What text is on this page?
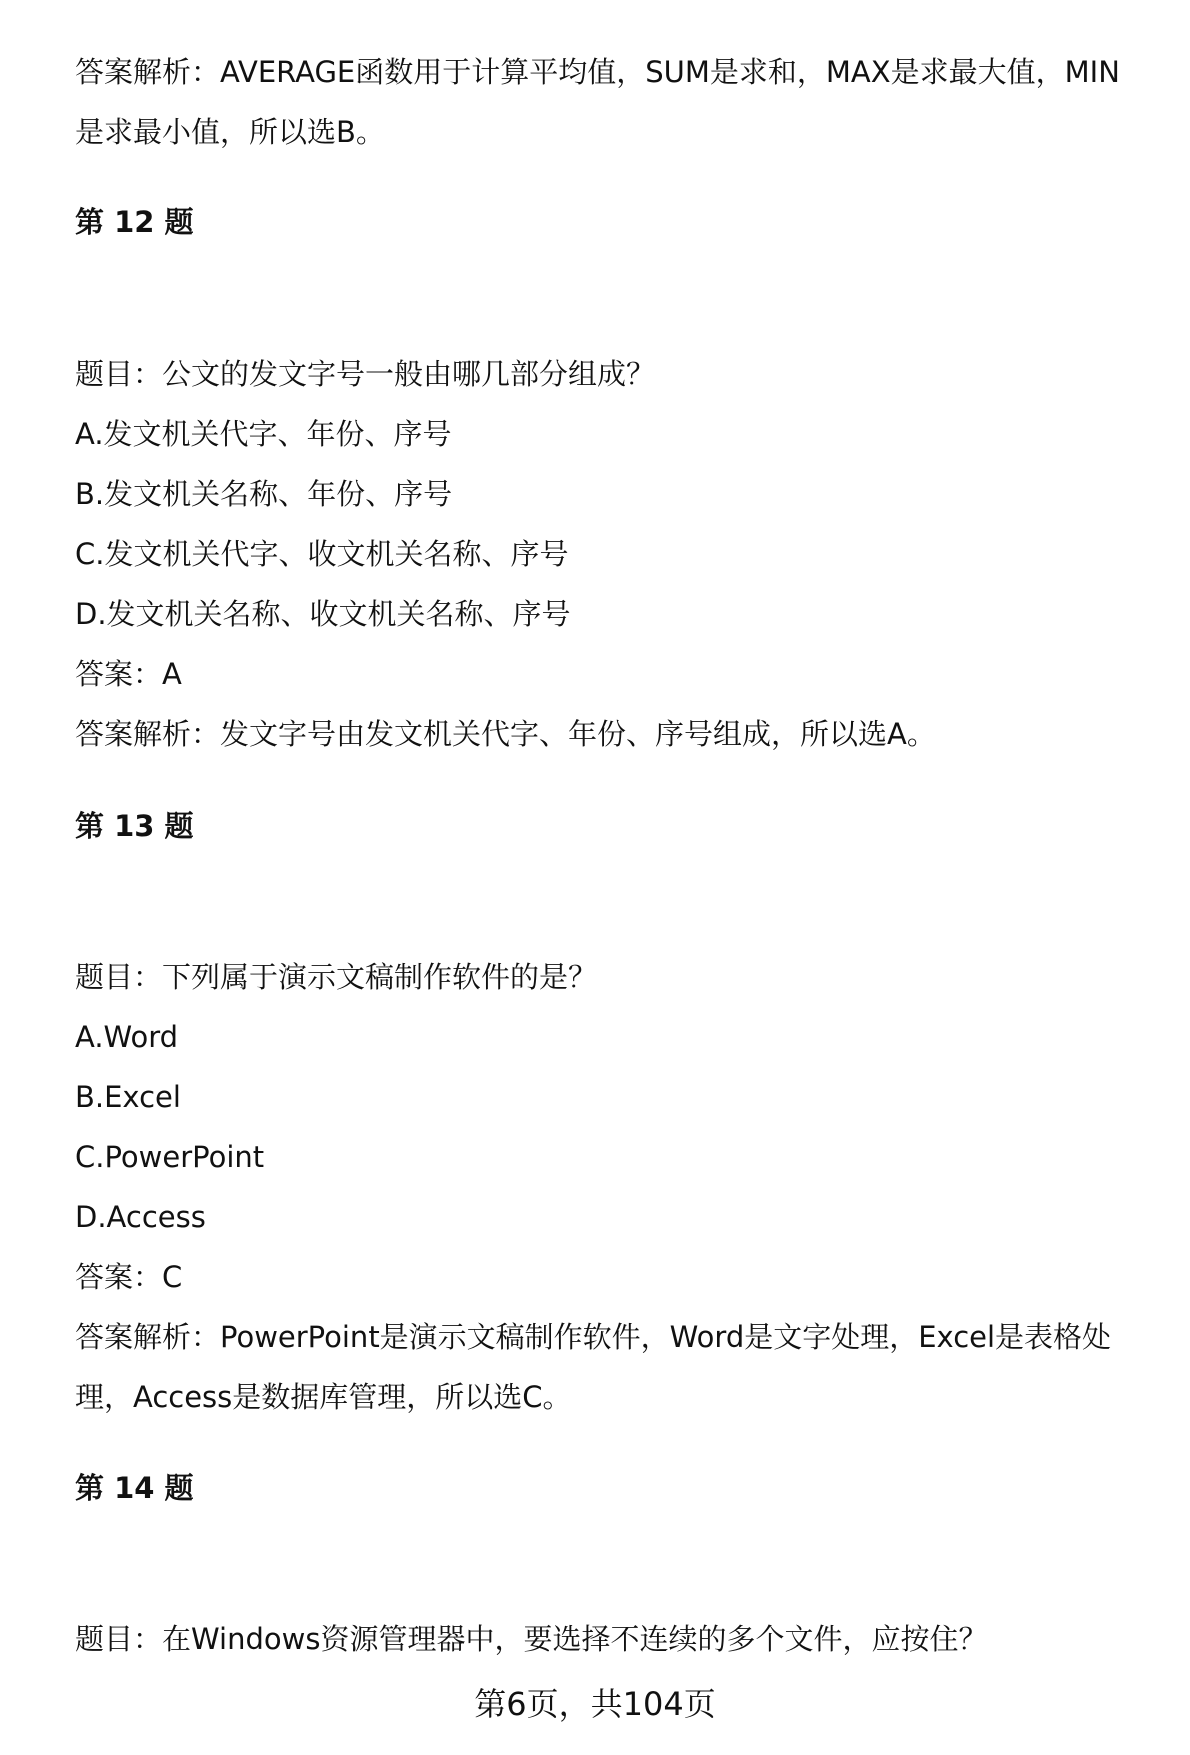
答案解析：AVERAGE函数用于计算平均值，SUM是求和，MAX是求最大值，MIN是求最小值，所以选B。

第 12 题

题目：公文的发文字号一般由哪几部分组成？

A.发文机关代字、年份、序号

B.发文机关名称、年份、序号

C.发文机关代字、收文机关名称、序号

D.发文机关名称、收文机关名称、序号

答案：A

答案解析：发文字号由发文机关代字、年份、序号组成，所以选A。

第 13 题

题目：下列属于演示文稿制作软件的是？

A.Word

B.Excel

C.PowerPoint

D.Access

答案：C

答案解析：PowerPoint是演示文稿制作软件，Word是文字处理，Excel是表格处理，Access是数据库管理，所以选C。

第 14 题

题目：在Windows资源管理器中，要选择不连续的多个文件，应按住？

第6页，共104页
